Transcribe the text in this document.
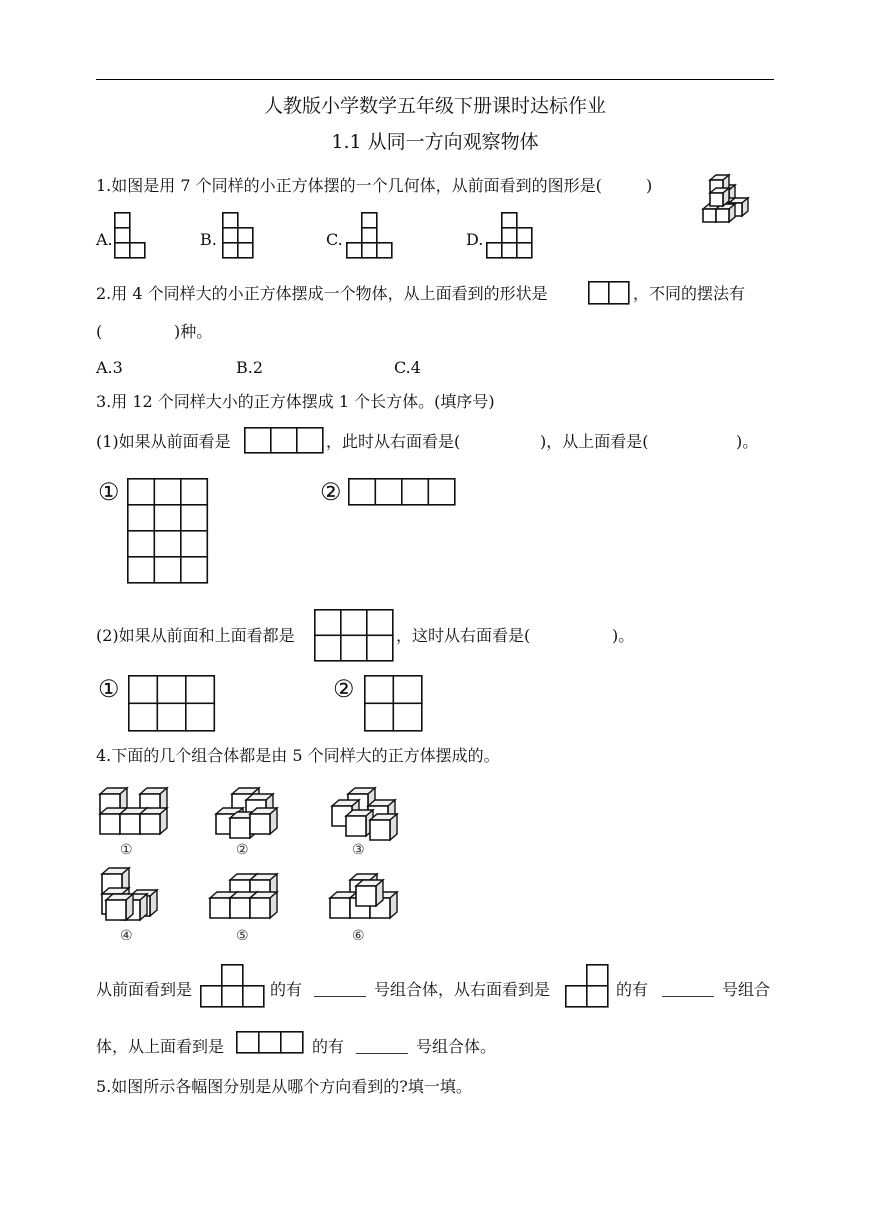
人教版小学数学五年级下册课时达标作业
1.1 从同一方向观察物体
1.如图是用 7 个同样的小正方体摆的一个几何体，从前面看到的图形是(	)
A.	B.	C.	D.
2.用 4 个同样大的小正方体摆成一个物体，从上面看到的形状是	，不同的摆法有
(	)种。
A.3	B.2	C.4
3.用 12 个同样大小的正方体摆成 1 个长方体。(填序号)
(1)如果从前面看是	，此时从右面看是(	)，从上面看是(	)。
①	②
(2)如果从前面和上面看都是	，这时从右面看是(	)。
①	②
4.下面的几个组合体都是由 5 个同样大的正方体摆成的。
①	②	③
④	⑤	⑥
从前面看到是	的有	号组合体，从右面看到是	的有	号组合
体，从上面看到是	的有	号组合体。
5.如图所示各幅图分别是从哪个方向看到的?填一填。
